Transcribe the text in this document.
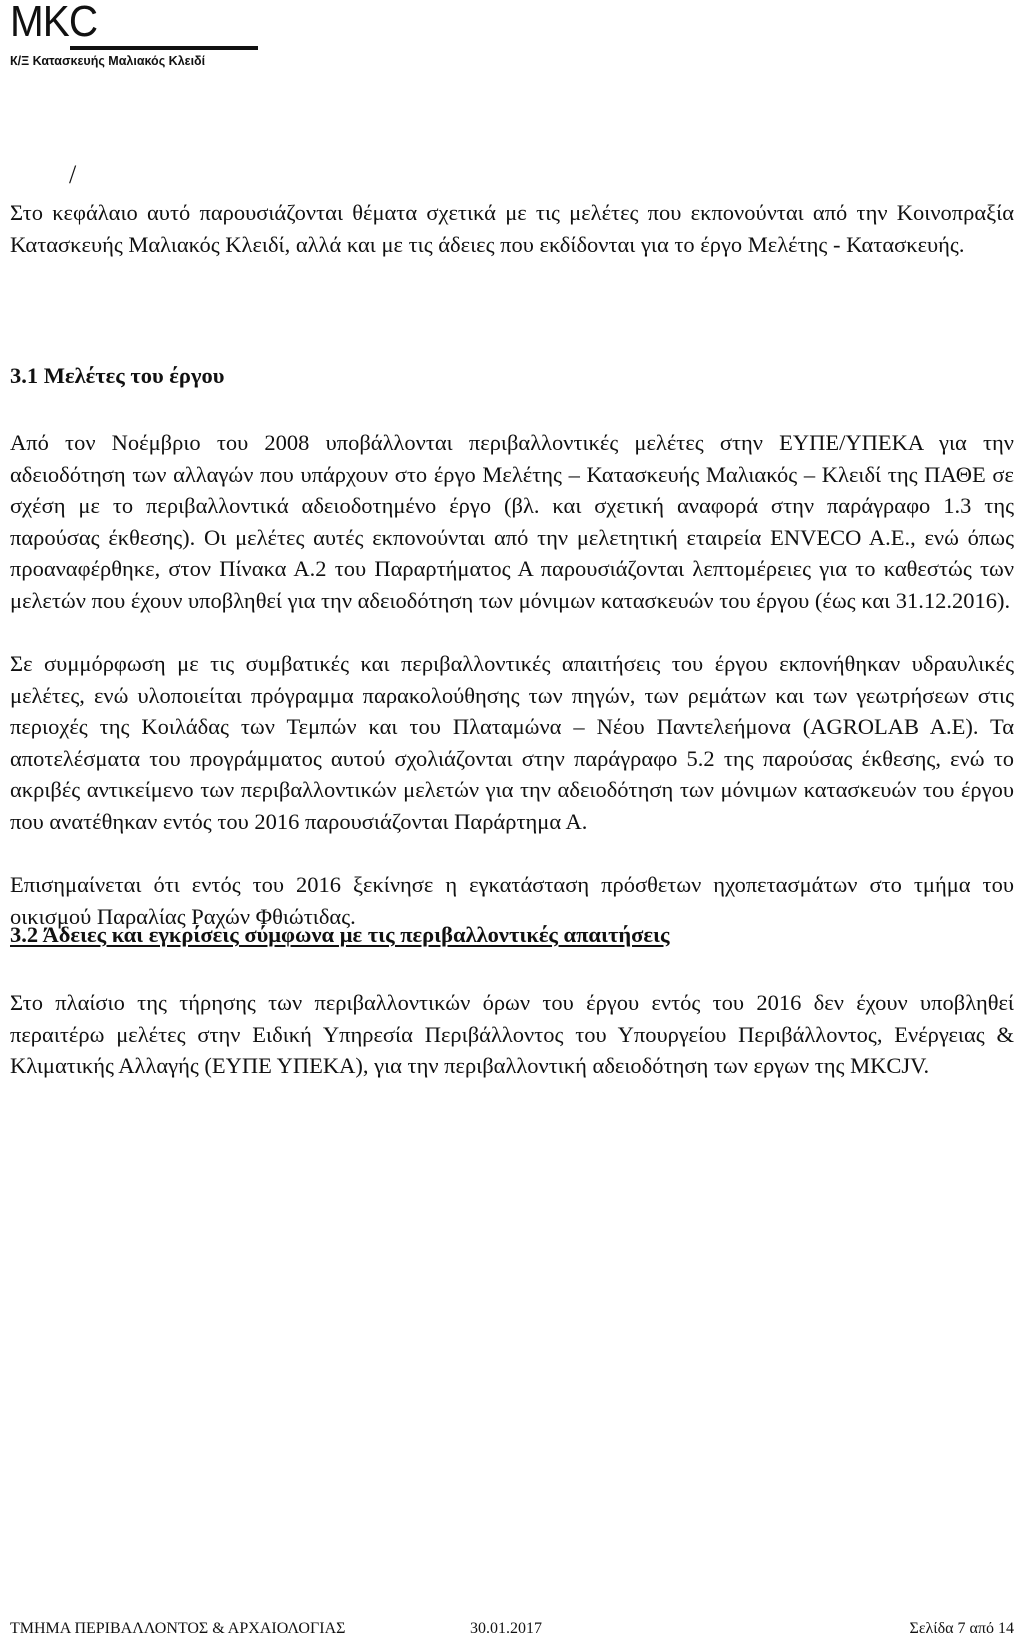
MKC
К/Ξ Κατασκευής Μαλιακός Κλειδί
/

Στο κεφάλαιο αυτό παρουσιάζονται θέματα σχετικά με τις μελέτες που εκπονούνται από την Κοινοπραξία Κατασκευής Μαλιακός Κλειδί, αλλά και με τις άδειες που εκδίδονται για το έργο Μελέτης - Κατασκευής.

3.1 Μελέτες του έργου

Από τον Νοέμβριο του 2008 υποβάλλονται περιβαλλοντικές μελέτες στην ΕΥΠΕ/ΥΠΕΚΑ για την αδειοδότηση των αλλαγών που υπάρχουν στο έργο Μελέτης – Κατασκευής Μαλιακός – Κλειδί της ΠΑΘΕ σε σχέση με το περιβαλλοντικά αδειοδοτημένο έργο (βλ. και σχετική αναφορά στην παράγραφο 1.3 της παρούσας έκθεσης). Οι μελέτες αυτές εκπονούνται από την μελετητική εταιρεία ENVECO A.E., ενώ όπως προαναφέρθηκε, στον Πίνακα Α.2 του Παραρτήματος Α παρουσιάζονται λεπτομέρειες για το καθεστώς των μελετών που έχουν υποβληθεί για την αδειοδότηση των μόνιμων κατασκευών του έργου (έως και 31.12.2016).

Σε συμμόρφωση με τις συμβατικές και περιβαλλοντικές απαιτήσεις του έργου εκπονήθηκαν υδραυλικές μελέτες, ενώ υλοποιείται πρόγραμμα παρακολούθησης των πηγών, των ρεμάτων και των γεωτρήσεων στις περιοχές της Κοιλάδας των Τεμπών και του Πλαταμώνα – Νέου Παντελεήμονα (AGROLAB A.E). Τα αποτελέσματα του προγράμματος αυτού σχολιάζονται στην παράγραφο 5.2 της παρούσας έκθεσης, ενώ το ακριβές αντικείμενο των περιβαλλοντικών μελετών για την αδειοδότηση των μόνιμων κατασκευών του έργου που ανατέθηκαν εντός του 2016 παρουσιάζονται Παράρτημα Α.

Επισημαίνεται ότι εντός του 2016 ξεκίνησε η εγκατάσταση πρόσθετων ηχοπετασμάτων στο τμήμα του οικισμού Παραλίας Ραχών Φθιώτιδας.

3.2 Άδειες και εγκρίσεις σύμφωνα με τις περιβαλλοντικές απαιτήσεις

Στο πλαίσιο της τήρησης των περιβαλλοντικών όρων του έργου εντός του 2016 δεν έχουν υποβληθεί περαιτέρω μελέτες στην Ειδική Υπηρεσία Περιβάλλοντος του Υπουργείου Περιβάλλοντος, Ενέργειας & Κλιματικής Αλλαγής (ΕΥΠΕ ΥΠΕΚΑ), για την περιβαλλοντική αδειοδότηση των εργων της MKCJV.

ΤΜΗΜΑ ΠΕΡΙΒΑΛΛΟΝΤΟΣ & ΑΡΧΑΙΟΛΟΓΙΑΣ	30.01.2017	Σελίδα 7 από 14
